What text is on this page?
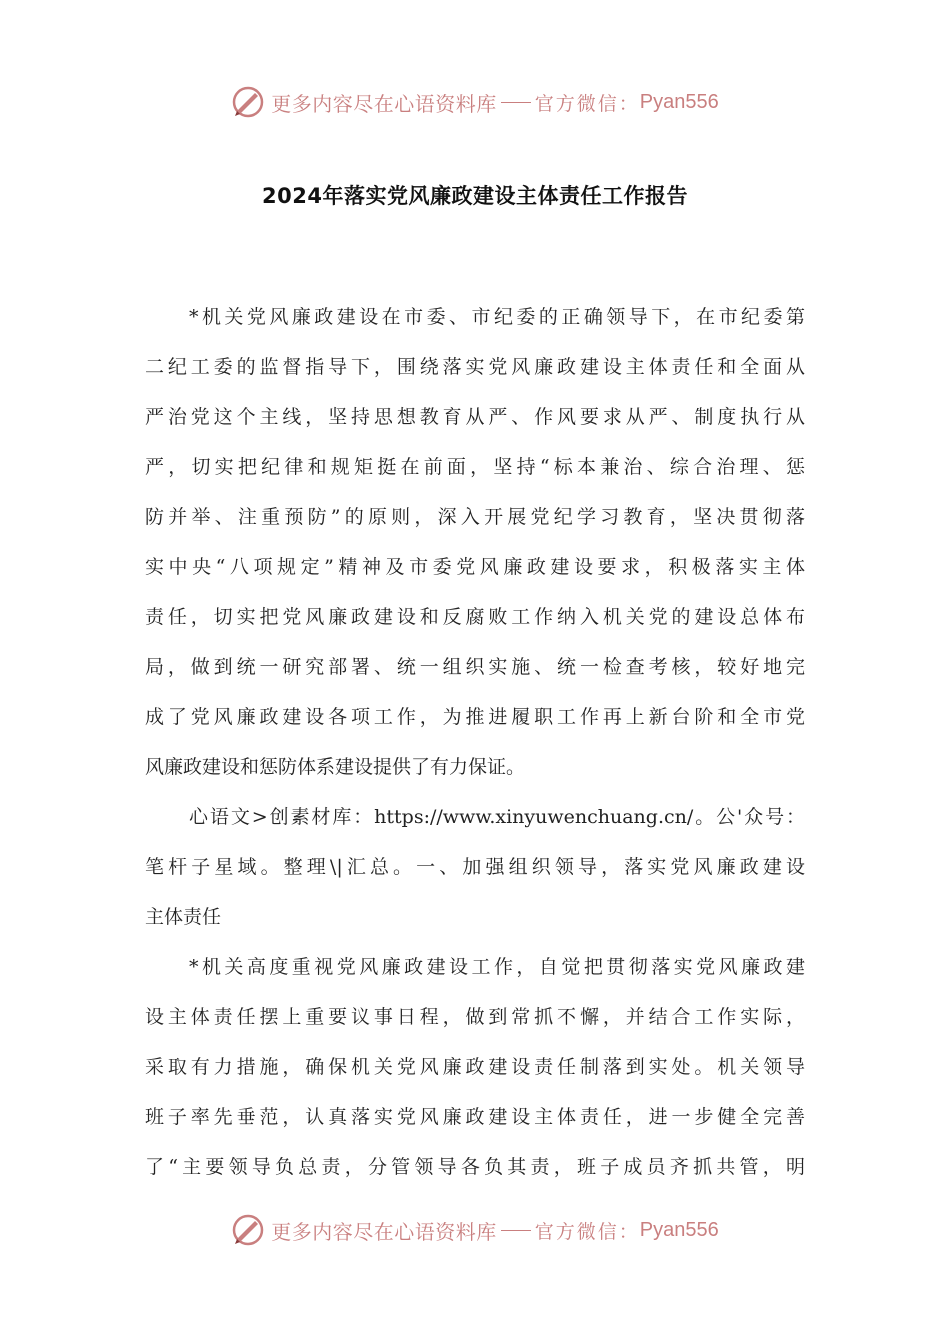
更多内容尽在心语资料库 官方微信： Pyan556
2024年落实党风廉政建设主体责任工作报告
*机关党风廉政建设在市委、市纪委的正确领导下，在市纪委第
二纪工委的监督指导下，围绕落实党风廉政建设主体责任和全面从
严治党这个主线，坚持思想教育从严、作风要求从严、制度执行从
严，切实把纪律和规矩挺在前面，坚持“标本兼治、综合治理、惩
防并举、注重预防”的原则，深入开展党纪学习教育，坚决贯彻落
实中央“八项规定”精神及市委党风廉政建设要求，积极落实主体
责任，切实把党风廉政建设和反腐败工作纳入机关党的建设总体布
局，做到统一研究部署、统一组织实施、统一检查考核，较好地完
成了党风廉政建设各项工作，为推进履职工作再上新台阶和全市党
风廉政建设和惩防体系建设提供了有力保证。
心语文>创素材库：https://www.xinyuwenchuang.cn/。公'众号：
笔杆子星域。整理\|汇总。一、加强组织领导，落实党风廉政建设
主体责任
*机关高度重视党风廉政建设工作，自觉把贯彻落实党风廉政建
设主体责任摆上重要议事日程，做到常抓不懈，并结合工作实际，
采取有力措施，确保机关党风廉政建设责任制落到实处。机关领导
班子率先垂范，认真落实党风廉政建设主体责任，进一步健全完善
了“主要领导负总责，分管领导各负其责，班子成员齐抓共管，明
更多内容尽在心语资料库 官方微信： Pyan556
